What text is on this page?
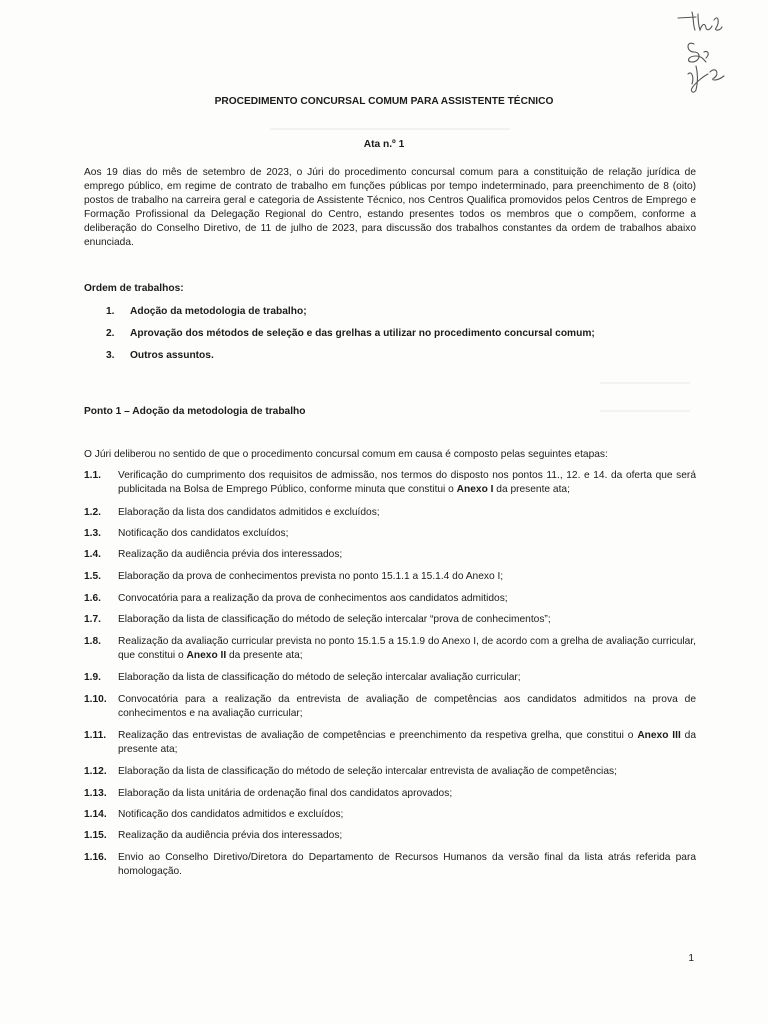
PROCEDIMENTO CONCURSAL COMUM PARA ASSISTENTE TÉCNICO
Ata n.º 1
Aos 19 dias do mês de setembro de 2023, o Júri do procedimento concursal comum para a constituição de relação jurídica de emprego público, em regime de contrato de trabalho em funções públicas por tempo indeterminado, para preenchimento de 8 (oito) postos de trabalho na carreira geral e categoria de Assistente Técnico, nos Centros Qualifica promovidos pelos Centros de Emprego e Formação Profissional da Delegação Regional do Centro, estando presentes todos os membros que o compõem, conforme a deliberação do Conselho Diretivo, de 11 de julho de 2023, para discussão dos trabalhos constantes da ordem de trabalhos abaixo enunciada.
Ordem de trabalhos:
1. Adoção da metodologia de trabalho;
2. Aprovação dos métodos de seleção e das grelhas a utilizar no procedimento concursal comum;
3. Outros assuntos.
Ponto 1 – Adoção da metodologia de trabalho
O Júri deliberou no sentido de que o procedimento concursal comum em causa é composto pelas seguintes etapas:
1.1.	Verificação do cumprimento dos requisitos de admissão, nos termos do disposto nos pontos 11., 12. e 14. da oferta que será publicitada na Bolsa de Emprego Público, conforme minuta que constitui o Anexo I da presente ata;
1.2.	Elaboração da lista dos candidatos admitidos e excluídos;
1.3.	Notificação dos candidatos excluídos;
1.4.	Realização da audiência prévia dos interessados;
1.5.	Elaboração da prova de conhecimentos prevista no ponto 15.1.1 a 15.1.4 do Anexo I;
1.6.	Convocatória para a realização da prova de conhecimentos aos candidatos admitidos;
1.7.	Elaboração da lista de classificação do método de seleção intercalar “prova de conhecimentos”;
1.8.	Realização da avaliação curricular prevista no ponto 15.1.5 a 15.1.9 do Anexo I, de acordo com a grelha de avaliação curricular, que constitui o Anexo II da presente ata;
1.9.	Elaboração da lista de classificação do método de seleção intercalar avaliação curricular;
1.10.	Convocatória para a realização da entrevista de avaliação de competências aos candidatos admitidos na prova de conhecimentos e na avaliação curricular;
1.11.	Realização das entrevistas de avaliação de competências e preenchimento da respetiva grelha, que constitui o Anexo III da presente ata;
1.12.	Elaboração da lista de classificação do método de seleção intercalar entrevista de avaliação de competências;
1.13.	Elaboração da lista unitária de ordenação final dos candidatos aprovados;
1.14.	Notificação dos candidatos admitidos e excluídos;
1.15.	Realização da audiência prévia dos interessados;
1.16.	Envio ao Conselho Diretivo/Diretora do Departamento de Recursos Humanos da versão final da lista atrás referida para homologação.
1
